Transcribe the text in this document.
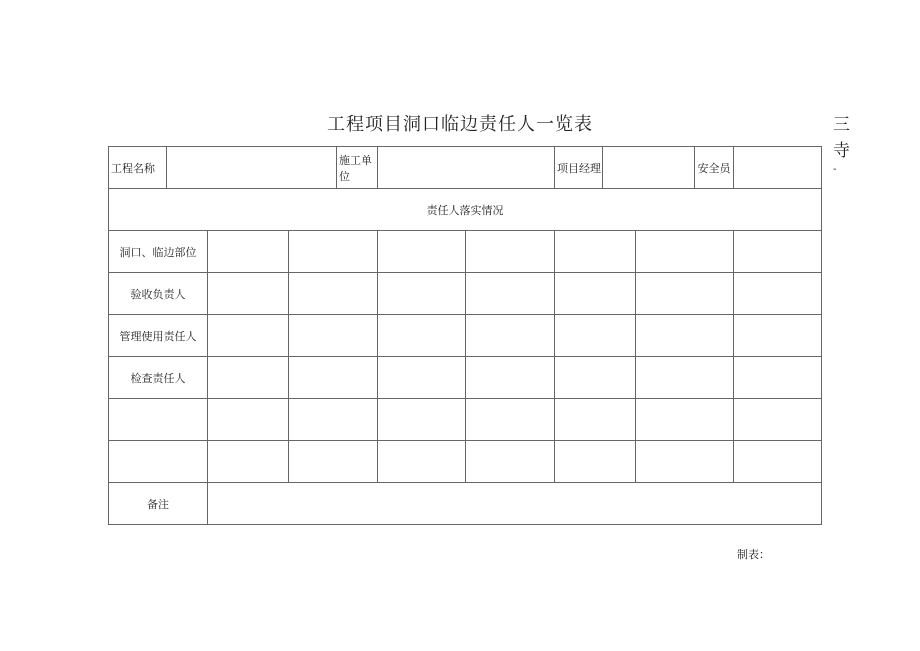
工程项目洞口临边责任人一览表	三
寺
-
工程名称				施工单位			项目经理			安全员	
责任人落实情况											
洞口、临边部位											
验收负责人											
管理使用责任人											
检查责任人											

备注											
制表：
